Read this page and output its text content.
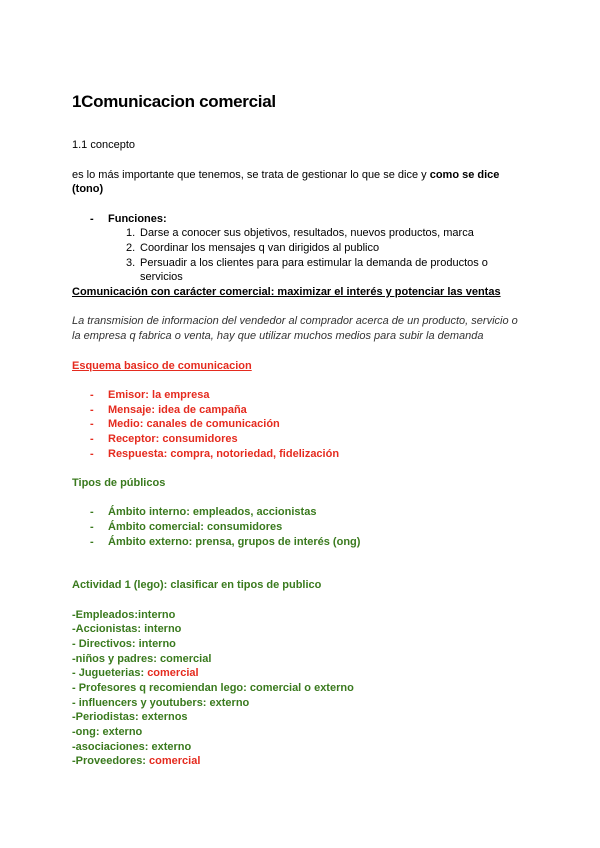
1Comunicacion comercial
1.1 concepto
es lo más importante que tenemos, se trata de gestionar lo que se dice y como se dice
(tono)
- Funciones:
1. Darse a conocer sus objetivos, resultados, nuevos productos, marca
2. Coordinar los mensajes q van dirigidos al publico
3. Persuadir a los clientes para para estimular la demanda de productos o
servicios
Comunicación con carácter comercial: maximizar el interés y potenciar las ventas
La transmision de informacion del vendedor al comprador acerca de un producto, servicio o
la empresa q fabrica o venta, hay que utilizar muchos medios para subir la demanda
Esquema basico de comunicacion
- Emisor: la empresa
- Mensaje: idea de campaña
- Medio: canales de comunicación
- Receptor: consumidores
- Respuesta: compra, notoriedad, fidelización
Tipos de públicos
- Ámbito interno: empleados, accionistas
- Ámbito comercial: consumidores
- Ámbito externo: prensa, grupos de interés (ong)
Actividad 1 (lego): clasificar en tipos de publico
-Empleados:interno
-Accionistas: interno
- Directivos: interno
-niños y padres: comercial
- Jugueterias: comercial
- Profesores q recomiendan lego: comercial o externo
- influencers y youtubers: externo
-Periodistas: externos
-ong: externo
-asociaciones: externo
-Proveedores: comercial
